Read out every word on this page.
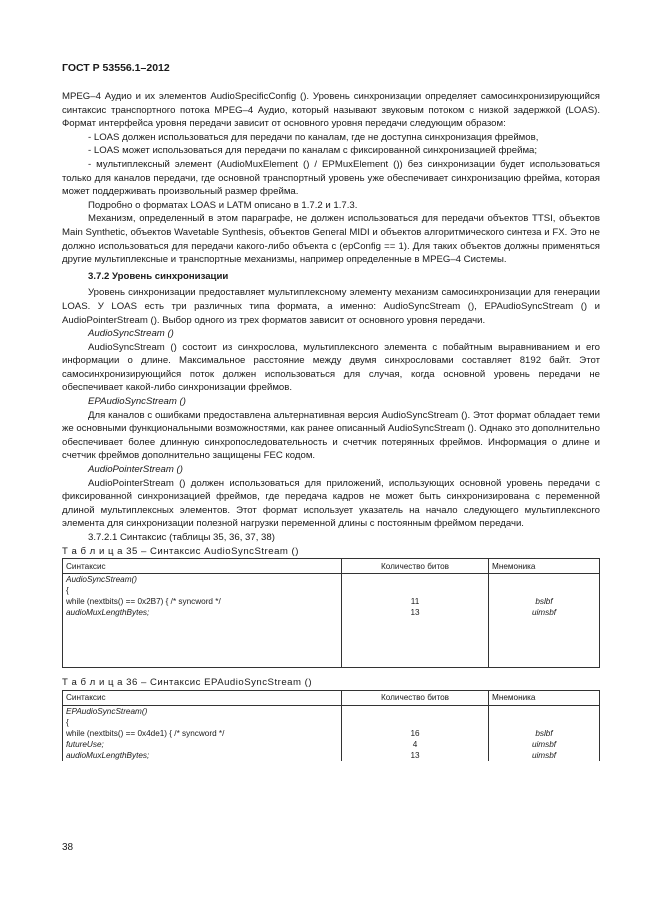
ГОСТ Р 53556.1–2012

MPEG–4 Аудио и их элементов AudioSpecificConfig (). Уровень синхронизации определяет самосинхронизирующийся синтаксис транспортного потока MPEG–4 Аудио, который называют звуковым потоком с низкой задержкой (LOAS). Формат интерфейса уровня передачи зависит от основного уровня передачи следующим образом:

- LOAS должен использоваться для передачи по каналам, где не доступна синхронизация фреймов,

- LOAS может использоваться для передачи по каналам с фиксированной синхронизацией фрейма;

- мультиплексный элемент (AudioMuxElement () / EPMuxElement ()) без синхронизации будет использоваться только для каналов передачи, где основной транспортный уровень уже обеспечивает синхронизацию фрейма, которая может поддерживать произвольный размер фрейма.

Подробно о форматах LOAS и LATM описано в 1.7.2 и 1.7.3.

Механизм, определенный в этом параграфе, не должен использоваться для передачи объектов TTSI, объектов Main Synthetic, объектов Wavetable Synthesis, объектов General MIDI и объектов алгоритмического синтеза и FX. Это не должно использоваться для передачи какого-либо объекта с (epConfig == 1). Для таких объектов должны применяться другие мультиплексные и транспортные механизмы, например определенные в MPEG–4 Системы.

3.7.2 Уровень синхронизации

Уровень синхронизации предоставляет мультиплексному элементу механизм самосинхронизации для генерации LOAS. У LOAS есть три различных типа формата, а именно: AudioSyncStream (), EPAudioSyncStream () и AudioPointerStream (). Выбор одного из трех форматов зависит от основного уровня передачи.

AudioSyncStream ()

AudioSyncStream () состоит из синхрослова, мультиплексного элемента с побайтным выравниванием и его информации о длине. Максимальное расстояние между двумя синхрословами составляет 8192 байт. Этот самосинхронизирующийся поток должен использоваться для случая, когда основной уровень передачи не обеспечивает какой-либо синхронизации фреймов.

EPAudioSyncStream ()

Для каналов с ошибками предоставлена альтернативная версия AudioSyncStream (). Этот формат обладает теми же основными функциональными возможностями, как ранее описанный AudioSyncStream (). Однако это дополнительно обеспечивает более длинную синхропоследовательность и счетчик потерянных фреймов. Информация о длине и счетчик фреймов дополнительно защищены FEC кодом.

AudioPointerStream ()

AudioPointerStream () должен использоваться для приложений, использующих основной уровень передачи с фиксированной синхронизацией фреймов, где передача кадров не может быть синхронизирована с переменной длиной мультиплексных элементов. Этот формат использует указатель на начало следующего мультиплексного элемента для синхронизации полезной нагрузки переменной длины с постоянным фреймом передачи.

3.7.2.1 Синтаксис (таблицы 35, 36, 37, 38)

Т а б л и ц а 35 – Синтаксис AudioSyncStream ()

Синтаксис	Количество битов	Мнемоника
AudioSyncStream()		
{		
while (nextbits() == 0x2B7) { /* syncword */	11	bslbf
audioMuxLengthBytes;	13	uimsbf

Т а б л и ц а 36 – Синтаксис EPAudioSyncStream ()

Синтаксис	Количество битов	Мнемоника
EPAudioSyncStream()		
{		
while (nextbits() == 0x4de1) { /* syncword */	16	bslbf
futureUse;	4	uimsbf
audioMuxLengthBytes;	13	uimsbf
38
